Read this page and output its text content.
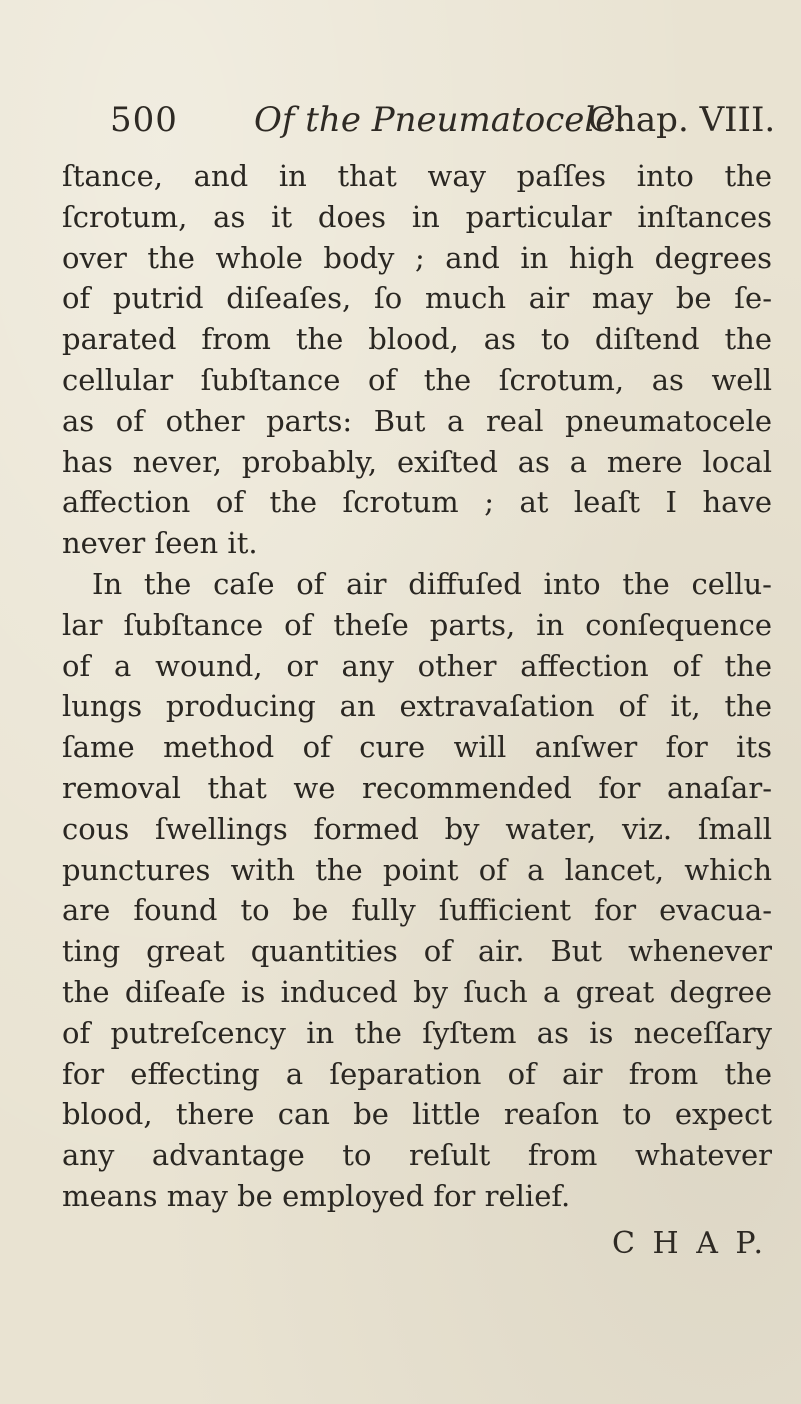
500 Of the Pneumatocele.
Chap. VIII.
ſtance, and in that way paſſes into the
ſcrotum, as it does in particular inſtances
over the whole body ; and in high degrees
of putrid diſeaſes, ſo much air may be ſe-
parated from the blood, as to diſtend the
cellular ſubſtance of the ſcrotum, as well
as of other parts: But a real pneumatocele
has never, probably, exiſted as a mere local
affection of the ſcrotum ; at leaſt I have
never ſeen it.
In the caſe of air diffuſed into the cellu-
lar ſubſtance of theſe parts, in conſequence
of a wound, or any other affection of the
lungs producing an extravaſation of it, the
ſame method of cure will anſwer for its
removal that we recommended for anaſar-
cous ſwellings formed by water, viz. ſmall
punctures with the point of a lancet, which
are found to be fully ſufficient for evacua-
ting great quantities of air. But whenever
the diſeaſe is induced by ſuch a great degree
of putreſcency in the ſyſtem as is neceſſary
for effecting a ſeparation of air from the
blood, there can be little reaſon to expect
any advantage to reſult from whatever
means may be employed for relief.
C H A P.
